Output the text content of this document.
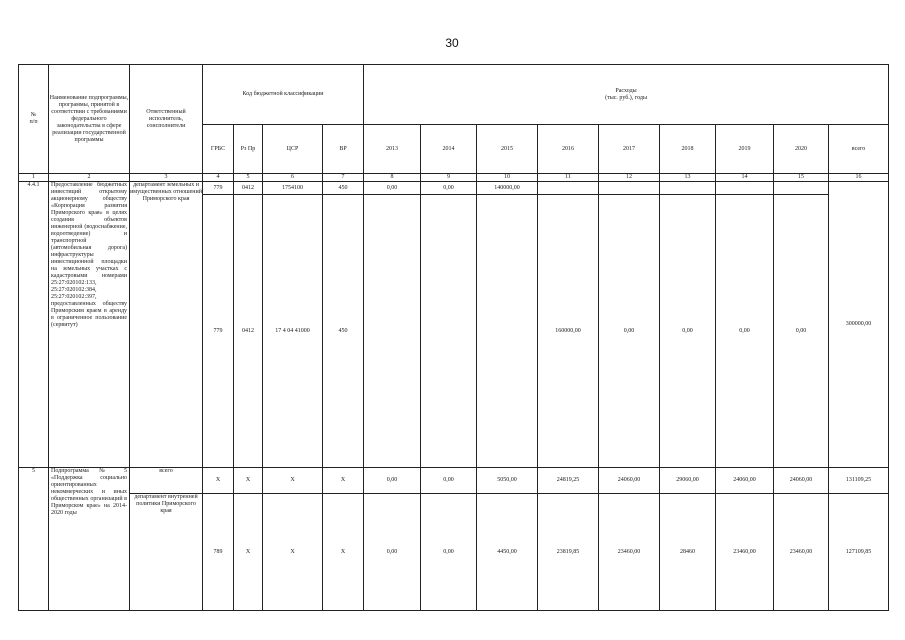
30
№
п/п	Наименование подпрограммы, программы, принятой в соответствии с требованиями федерального законодательства в сфере реализации государственной программы	Ответственный исполнитель, соисполнители	Код бюджетной классификации				Расходы
(тыс. руб.), годы								
			ГРБС	Рз Пр	ЦСР	ВР	2013	2014	2015	2016	2017	2018	2019	2020	всего
1	2	3	4	5	6	7	8	9	10	11	12	13	14	15	16
4.4.1	Предоставление бюджетных инвестиций открытому акционерному обществу «Корпорация развития Приморского края» в целях создания объектов инженерной (водоснабжение, водоотведение) и транспортной (автомобильная дорога) инфраструктуры инвестиционной площадки на земельных участках с кадастровыми номерами 25:27:020102:133, 25:27:020102:384, 25:27:020102:397, предоставленных обществу Приморским краем в аренду в ограниченное пользование (сервитут)	департамент земельных и имущественных отношений Приморского края	779	0412	1754100	450	0,00	0,00	140000,00						300000,00
			779	0412	17 4 04 41000	450				160000,00	0,00	0,00	0,00	0,00	
5	Подпрограмма № 5 «Поддержка социально ориентированных некоммерческих и иных общественных организаций в Приморском крае» на 2014-2020 годы	всего	X	X	X	X	0,00	0,00	5050,00	24819,25	24060,00	29060,00	24060,00	24060,00	131109,25
		департамент внутренней политики Приморского края	789	X	X	X	0,00	0,00	4450,00	23819,85	23460,00	28460	23460,00	23460,00	127109,85
